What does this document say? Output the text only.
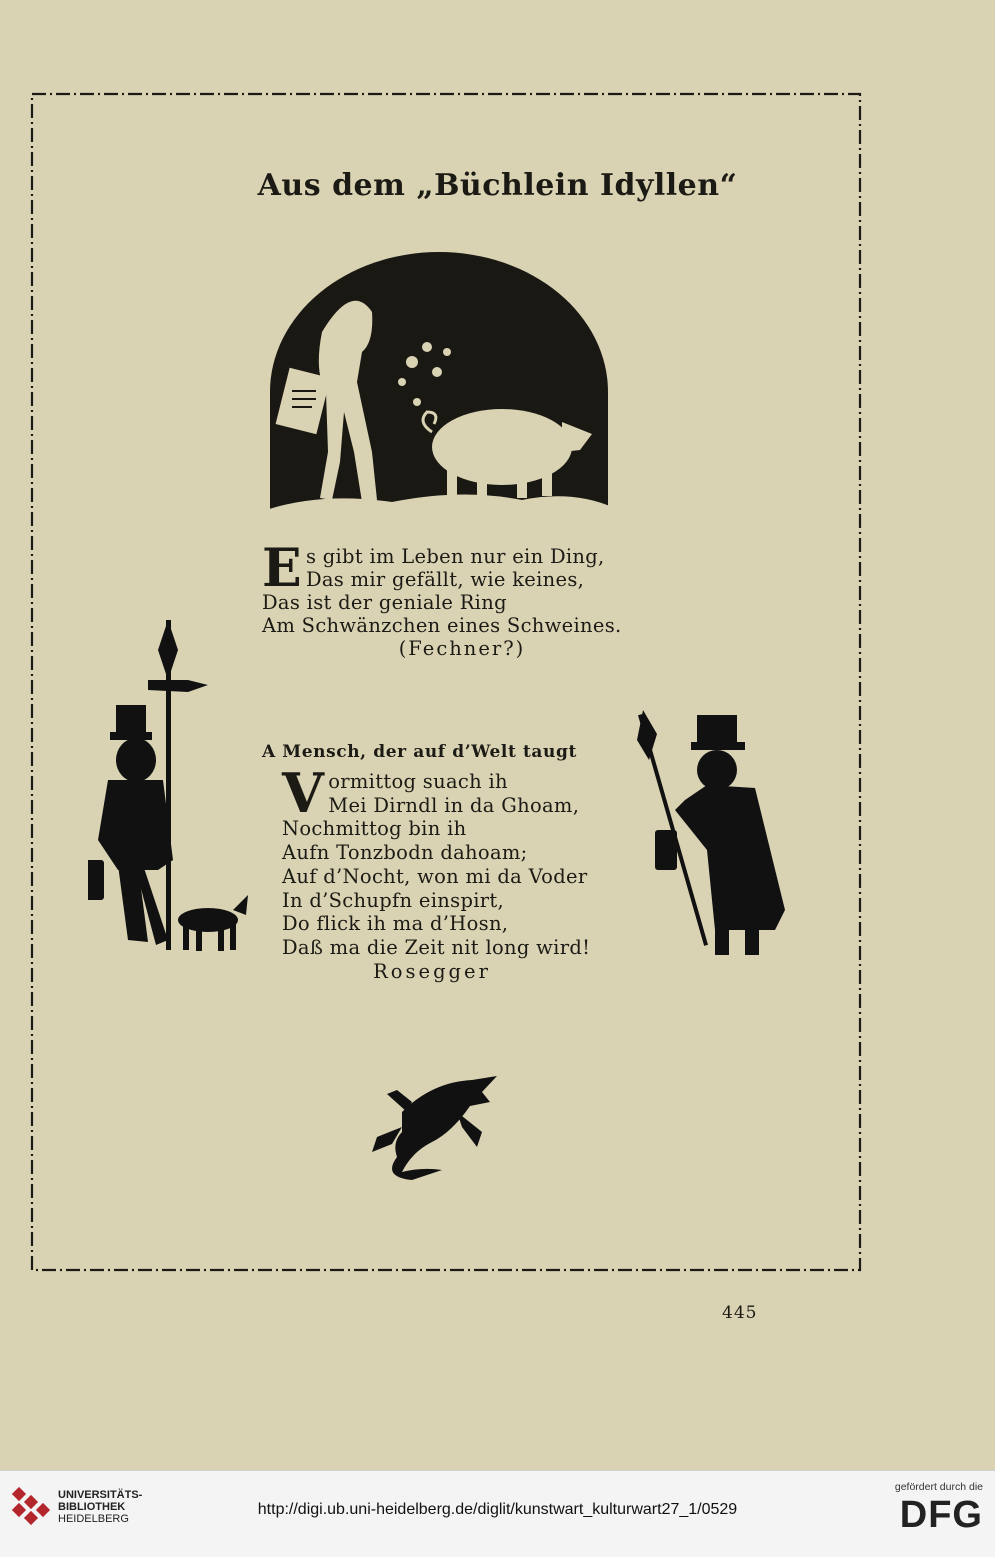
Aus dem „Büchlein Idyllen“
E s gibt im Leben nur ein Ding,
Das mir gefällt, wie keines,
Das ist der geniale Ring
Am Schwänzchen eines Schweines.
(Fechner?)
A Mensch, der auf d’Welt taugt
V ormittog suach ih
Mei Dirndl in da Ghoam,
Nochmittog bin ih
Aufn Tonzbodn dahoam;
Auf d’Nocht, won mi da Voder
In d’Schupfn einspirt,
Do flick ih ma d’Hosn,
Daß ma die Zeit nit long wird!
Rosegger
445
UNIVERSITÄTS-
BIBLIOTHEK
HEIDELBERG
http://digi.ub.uni-heidelberg.de/diglit/kunstwart_kulturwart27_1/0529
gefördert durch die
DFG
